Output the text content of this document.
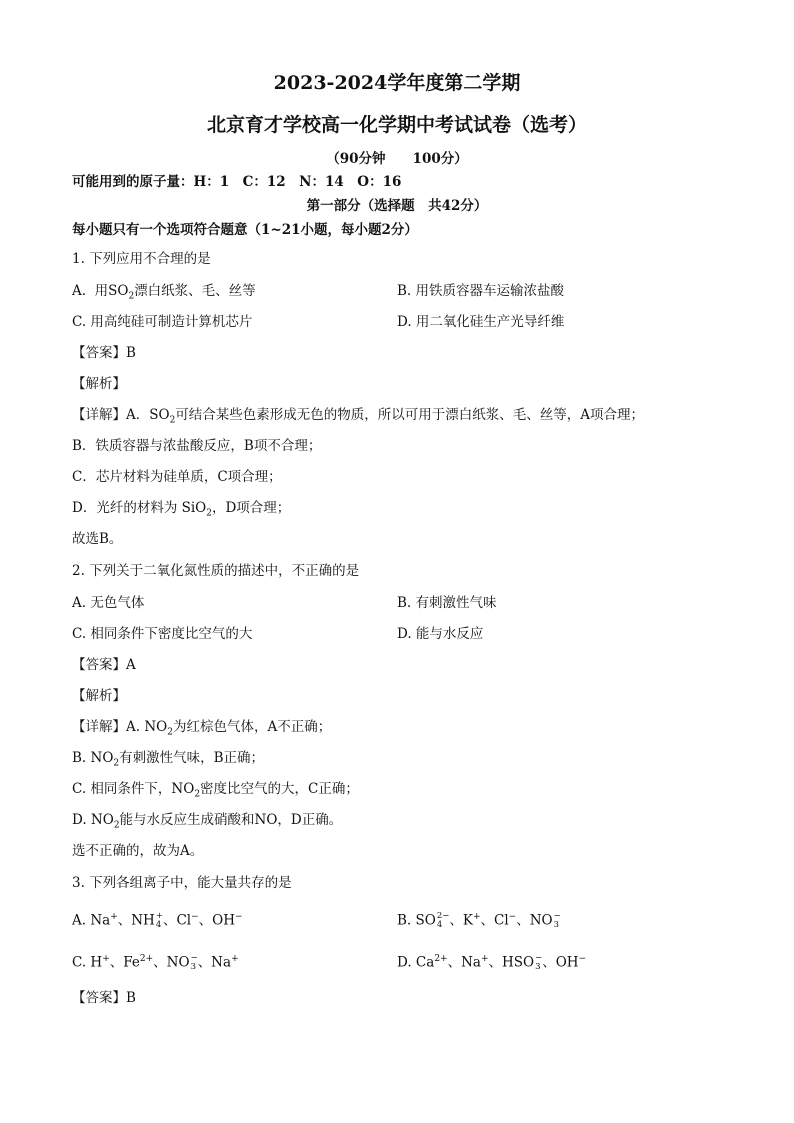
2023-2024学年度第二学期
北京育才学校高一化学期中考试试卷（选考）
（90分钟　　100分）
可能用到的原子量：H：1　C：12　N：14　O：16
第一部分（选择题　共42分）
每小题只有一个选项符合题意（1~21小题，每小题2分）
1. 下列应用不合理的是
A.  用$SO_2$漂白纸浆、毛、丝等	B. 用铁质容器车运输浓盐酸
C. 用高纯硅可制造计算机芯片	D. 用二氧化硅生产光导纤维
【答案】B
【解析】
【详解】A．$SO_2$可结合某些色素形成无色的物质，所以可用于漂白纸浆、毛、丝等，A项合理；
B．铁质容器与浓盐酸反应，B项不合理；
C．芯片材料为硅单质，C项合理；
D．光纤的材料为 SiO$_2$，D项合理；
故选B。
2. 下列关于二氧化氮性质的描述中，不正确的是
A. 无色气体	B. 有刺激性气味
C. 相同条件下密度比空气的大	D. 能与水反应
【答案】A
【解析】
【详解】A. $NO_2$为红棕色气体，A不正确；
B. $NO_2$有刺激性气味，B正确；
C. 相同条件下，$NO_2$密度比空气的大，C正确；
D. $NO_2$能与水反应生成硝酸和NO，D正确。
选不正确的，故为A。
3. 下列各组离子中，能大量共存的是
A. Na+、NH +
4 、Cl−、OH−	B. SO 2−
4 、K+、Cl−、NO −
3
C. H+、$Fe^{2+}$、NO −
3 、Na+	D. $Ca^{2+}$、Na+、HSO −
3 、OH−
【答案】B
